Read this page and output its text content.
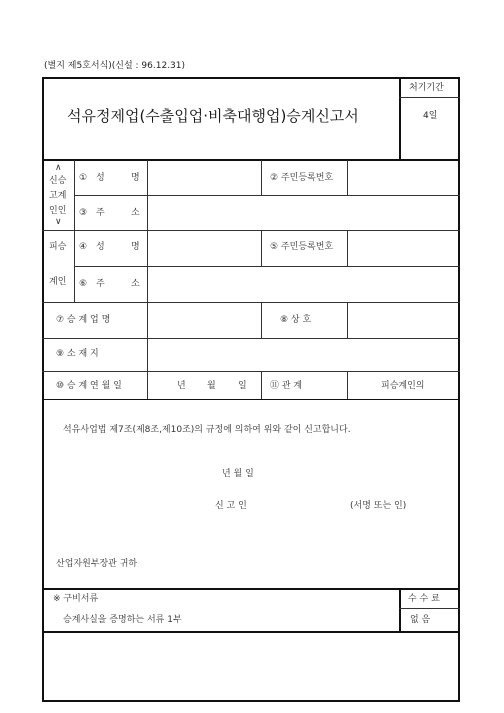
(별지 제5호서식)(신설 : 96.12.31)
처기기간
4일
석유정제업(수출입업·비축대행업)승계신고서
∧
신승
고계
인인
∨
① 성	명	② 주민등록번호
③ 주	소
피승
계인
④ 성	명	⑤ 주민등록번호
⑥ 주	소
⑦ 승 계 업 명	⑧ 상 호
⑨ 소 재 지
⑩ 승 계 연 월 일	년 월 일	⑪ 관 계	피승계인의
석유사업법 제7조(제8조,제10조)의 규정에 의하여 위와 같이 신고합니다.
년 월 일
신 고 인	(서명 또는 인)
산업자원부장관 귀하
※ 구비서류
승계사실을 증명하는 서류 1부
수 수 료
없 음
